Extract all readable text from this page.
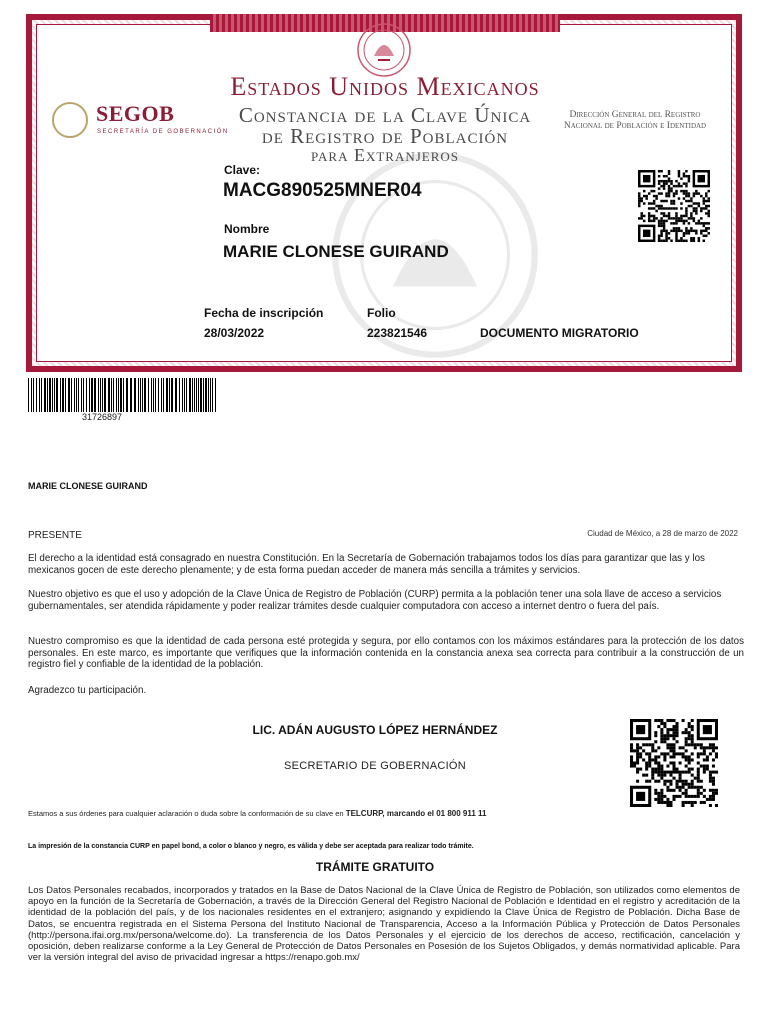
Estados Unidos Mexicanos
Constancia de la Clave Única
de Registro de Población
para Extranjeros
SEGOB
SECRETARÍA DE GOBERNACIÓN
Dirección General del Registro Nacional de Población e Identidad
Clave:
MACG890525MNER04
Nombre
MARIE CLONESE GUIRAND
Fecha de inscripción
28/03/2022
Folio
223821546	DOCUMENTO MIGRATORIO
31726897
MARIE CLONESE GUIRAND
PRESENTE	Ciudad de México, a 28 de marzo de 2022
El derecho a la identidad está consagrado en nuestra Constitución. En la Secretaría de Gobernación trabajamos todos los días para garantizar que las y los mexicanos gocen de este derecho plenamente; y de esta forma puedan acceder de manera más sencilla a trámites y servicios.
Nuestro objetivo es que el uso y adopción de la Clave Única de Registro de Población (CURP) permita a la población tener una sola llave de acceso a servicios gubernamentales, ser atendida rápidamente y poder realizar trámites desde cualquier computadora con acceso a internet dentro o fuera del país.
Nuestro compromiso es que la identidad de cada persona esté protegida y segura, por ello contamos con los máximos estándares para la protección de los datos personales. En este marco, es importante que verifiques que la información contenida en la constancia anexa sea correcta para contribuir a la construcción de un registro fiel y confiable de la identidad de la población.
Agradezco tu participación.
LIC. ADÁN AUGUSTO LÓPEZ HERNÁNDEZ
SECRETARIO DE GOBERNACIÓN
Estamos a sus órdenes para cualquier aclaración o duda sobre la conformación de su clave en TELCURP, marcando el 01 800 911 11
La impresión de la constancia CURP en papel bond, a color o blanco y negro, es válida y debe ser aceptada para realizar todo trámite.
TRÁMITE GRATUITO
Los Datos Personales recabados, incorporados y tratados en la Base de Datos Nacional de la Clave Única de Registro de Población, son utilizados como elementos de apoyo en la función de la Secretaría de Gobernación, a través de la Dirección General del Registro Nacional de Población e Identidad en el registro y acreditación de la identidad de la población del país, y de los nacionales residentes en el extranjero; asignando y expidiendo la Clave Única de Registro de Población. Dicha Base de Datos, se encuentra registrada en el Sistema Persona del Instituto Nacional de Transparencia, Acceso a la Información Pública y Protección de Datos Personales (http://persona.ifai.org.mx/persona/welcome.do). La transferencia de los Datos Personales y el ejercicio de los derechos de acceso, rectificación, cancelación y oposición, deben realizarse conforme a la Ley General de Protección de Datos Personales en Posesión de los Sujetos Obligados, y demás normatividad aplicable. Para ver la versión integral del aviso de privacidad ingresar a https://renapo.gob.mx/
